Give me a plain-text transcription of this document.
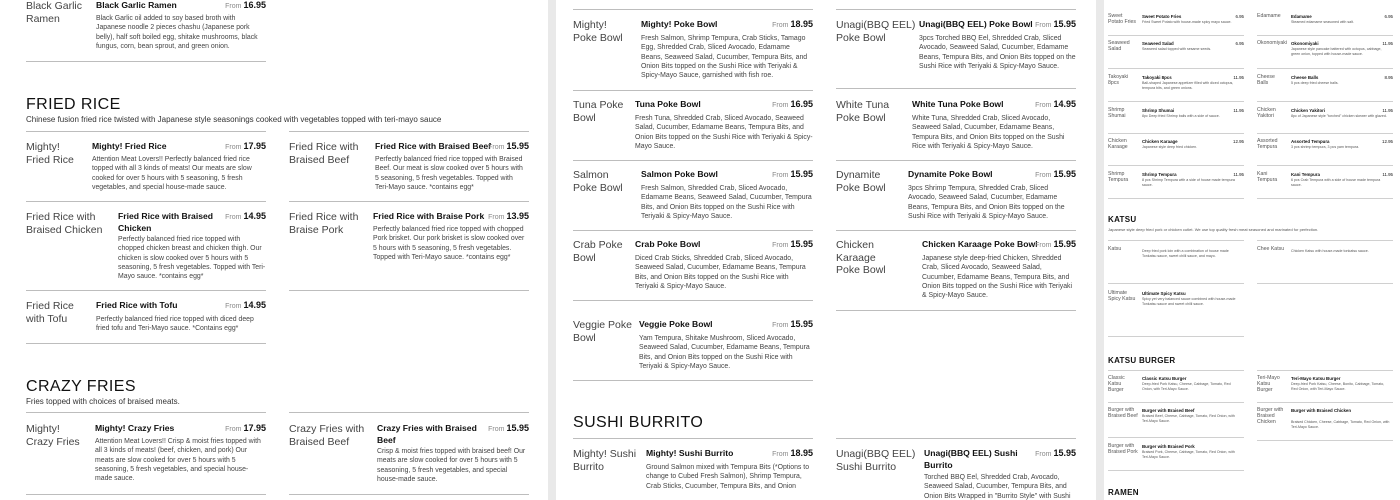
Black Garlic Ramen
Black Garlic Ramen	From 16.95
Black Garlic oil added to soy based broth with Japanese noodle 2 pieces chashu (Japanese pork belly), half soft boiled egg, shitake mushrooms, black fungus, corn, bean sprout, and green onion.
FRIED RICE
Chinese fusion fried rice twisted with Japanese style seasonings cooked with vegetables topped with teri-mayo sauce
Mighty! Fried Rice
Mighty! Fried Rice	From 17.95
Attention Meat Lovers!! Perfectly balanced fried rice topped with all 3 kinds of meats! Our meats are slow cooked for over 5 hours with 5 seasoning, 5 fresh vegetables, and special house-made sauce.
Fried Rice with Braised Beef
Fried Rice with Braised Beef
From 15.95
Perfectly balanced fried rice topped with Braised Beef. Our meat is slow cooked over 5 hours with 5 seasoning, 5 fresh vegetables. Topped with Teri-Mayo sauce. *contains egg*
Fried Rice with Braised Chicken
Fried Rice with Braised Chicken
From 14.95
Perfectly balanced fried rice topped with chopped chicken breast and chicken thigh. Our chicken is slow cooked over 5 hours with 5 seasoning, 5 fresh vegetables. Topped with Teri-Mayo sauce. *contains egg*
Fried Rice with Braise Pork
Fried Rice with Braise Pork From 13.95
Perfectly balanced fried rice topped with chopped Pork brisket. Our pork brisket is slow cooked over 5 hours with 5 seasoning, 5 fresh vegetables. Topped with Teri-Mayo sauce. *contains egg*
Fried Rice with Tofu
Fried Rice with Tofu	From 14.95
Perfectly balanced fried rice topped with diced deep fried tofu and Teri-Mayo sauce. *Contains egg*
CRAZY FRIES
Fries topped with choices of braised meats.
Mighty! Crazy Fries
Mighty! Crazy Fries	From 17.95
Attention Meat Lovers!! Crisp & moist fries topped with all 3 kinds of meats! (beef, chicken, and pork) Our meats are slow cooked for over 5 hours with 5 seasoning, 5 fresh vegetables, and special house-made sauce.
Crazy Fries with Braised Beef
Crazy Fries with Braised Beef
From 15.95
Crisp & moist fries topped with braised beef! Our meats are slow cooked for over 5 hours with 5 seasoning, 5 fresh vegetables, and special house-made sauce.
Mighty! Poke Bowl
Mighty! Poke Bowl	From 18.95
Fresh Salmon, Shrimp Tempura, Crab Sticks, Tamago Egg, Shredded Crab, Sliced Avocado, Edamame Beans, Seaweed Salad, Cucumber, Tempura Bits, and Onion Bits topped on the Sushi Rice with Teriyaki & Spicy-Mayo Sauce, garnished with fish roe.
Unagi(BBQ EEL) Poke Bowl
Unagi(BBQ EEL) Poke Bowl From 15.95
3pcs Torched BBQ Eel, Shredded Crab, Sliced Avocado, Seaweed Salad, Cucumber, Edamame Beans, Tempura Bits, and Onion Bits topped on the Sushi Rice with Teriyaki & Spicy-Mayo Sauce.
Tuna Poke Bowl
Tuna Poke Bowl	From 16.95
Fresh Tuna, Shredded Crab, Sliced Avocado, Seaweed Salad, Cucumber, Edamame Beans, Tempura Bits, and Onion Bits topped on the Sushi Rice with Teriyaki & Spicy-Mayo Sauce.
White Tuna Poke Bowl
White Tuna Poke Bowl	From 14.95
White Tuna, Shredded Crab, Sliced Avocado, Seaweed Salad, Cucumber, Edamame Beans, Tempura Bits, and Onion Bits topped on the Sushi Rice with Teriyaki & Spicy-Mayo Sauce.
Salmon Poke Bowl
Salmon Poke Bowl	From 15.95
Fresh Salmon, Shredded Crab, Sliced Avocado, Edamame Beans, Seaweed Salad, Cucumber, Tempura Bits, and Onion Bits topped on the Sushi Rice with Teriyaki & Spicy-Mayo Sauce.
Dynamite Poke Bowl
Dynamite Poke Bowl	From 15.95
3pcs Shrimp Tempura, Shredded Crab, Sliced Avocado, Seaweed Salad, Cucumber, Edamame Beans, Tempura Bits, and Onion Bits topped on the Sushi Rice with Teriyaki & Spicy-Mayo Sauce.
Crab Poke Bowl
Crab Poke Bowl	From 15.95
Diced Crab Sticks, Shredded Crab, Sliced Avocado, Seaweed Salad, Cucumber, Edamame Beans, Tempura Bits, and Onion Bits topped on the Sushi Rice with Teriyaki & Spicy-Mayo Sauce.
Chicken Karaage Poke Bowl
Chicken Karaage Poke Bowl
From 15.95
Japanese style deep-fried Chicken, Shredded Crab, Sliced Avocado, Seaweed Salad, Cucumber, Edamame Beans, Tempura Bits, and Onion Bits topped on the Sushi Rice with Teriyaki & Spicy-Mayo Sauce.
Veggie Poke Bowl
Veggie Poke Bowl	From 15.95
Yam Tempura, Shitake Mushroom, Sliced Avocado, Seaweed Salad, Cucumber, Edamame Beans, Tempura Bits, and Onion Bits topped on the Sushi Rice with Teriyaki & Spicy-Mayo Sauce.
SUSHI BURRITO
Mighty! Sushi Burrito
Mighty! Sushi Burrito	From 18.95
Ground Salmon mixed with Tempura Bits (*Options to change to Cubed Fresh Salmon), Shrimp Tempura, Crab Sticks, Cucumber, Tempura Bits, and Onion
Unagi(BBQ EEL) Sushi Burrito
Unagi(BBQ EEL) Sushi Burrito
From 15.95
Torched BBQ Eel, Shredded Crab, Avocado, Seaweed Salad, Cucumber, Tempura Bits, and Onion Bits Wrapped in "Burrito Style" with Sushi
Sweet Potato Fries
Sweet Potato Fries	6.95
Fried Sweet Potato with house-made spicy mayo sauce.
Edamame	Edamame	6.95
Steamed edamame seasoned with salt.
Seaweed Salad
Seaweed Salad	6.95
Seaweed salad topped with sesame seeds.
Okonomiyaki Okonomiyaki	11.95
Japanese style pancake battered with octopus, cabbage, green onion, topped with house-made sauce.
Takoyaki 8pcs
Takoyaki 8pcs	11.95
Ball-shaped Japanese appetizer filled with diced octopus, tempura bits, and green onions.
Cheese Balls
Cheese Balls	8.95
5 pcs deep fried cheese balls.
Shrimp Shumai
Shrimp Shumai	11.95
8pc Deep fried Shrimp balls with a side of sauce.
Chicken Yakitori
Chicken Yakitori	11.95
8pc of Japanese style "torched" chicken skewer with glazed.
Chicken Karaage
Chicken Karaage	12.95
Japanese style deep fried chicken.
Assorted Tempura
Assorted Tempura	12.95
3 pcs shrimp tempura, 3 pcs yam tempura.
Shrimp Tempura
Shrimp Tempura	11.95
8 pcs Shrimp Tempura with a side of house made tempura sauce.
Kani Tempura
Kani Tempura	11.95
6 pcs Crab Tempura with a side of house made tempura sauce.
KATSU
Japanese style deep fried pork or chicken cutlet. We use top quality fresh meat seasoned and marinated for perfection.
Katsu	Deep fried pork loin with a combination of house made Tonkatsu sauce, sweet chilli sauce, and mayo.
Chee Katsu	Chicken Katsu with house-made tonkatsu sauce.
Ultimate Spicy Katsu
Ultimate Spicy Katsu
Spicy yet very balanced sauce combined with house-made Tonkatsu sauce and sweet chilli sauce.
KATSU BURGER
Classic Katsu Burger
Classic Katsu Burger
Deep-fried Pork Katsu, Cheese, Cabbage, Tomato, Red Onion, with Teri-Mayo Sauce.
Teri-Mayo Katsu Burger
Teri-Mayo Katsu Burger
Deep-fried Pork Katsu, Cheese, Bonito, Cabbage, Tomato, Red Onion, with Teri-Mayo Sauce.
Burger with Braised Beef
Burger with Braised Beef
Braised Beef, Cheese, Cabbage, Tomato, Red Onion, with Teri-Mayo Sauce.
Burger with Braised Chicken
Burger with Braised Chicken
Braised Chicken, Cheese, Cabbage, Tomato, Red Onion, with Teri-Mayo Sauce.
Burger with Braised Pork
Burger with Braised Pork
Braised Pork, Cheese, Cabbage, Tomato, Red Onion, with Teri-Mayo Sauce.
RAMEN
